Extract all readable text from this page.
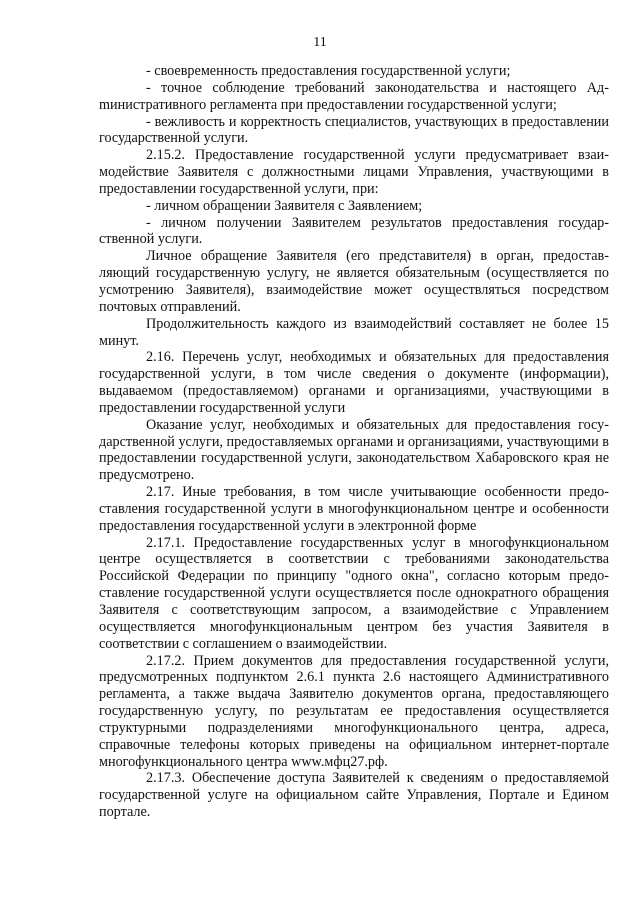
11

- своевременность предоставления государственной услуги;

- точное соблюдение требований законодательства и настоящего Адmинистративного регламента при предоставлении государственной услуги;

- вежливость и корректность специалистов, участвующих в предоставлении государственной услуги.

2.15.2. Предоставление государственной услуги предусматривает взаимодействие Заявителя с должностными лицами Управления, участвующими в предоставлении государственной услуги, при:

- личном обращении Заявителя с Заявлением;

- личном получении Заявителем результатов предоставления государственной услуги.

Личное обращение Заявителя (его представителя) в орган, предоставляющий государственную услугу, не является обязательным (осуществляется по усмотрению Заявителя), взаимодействие может осуществляться посредством почтовых отправлений.

Продолжительность каждого из взаимодействий составляет не более 15 минут.

2.16. Перечень услуг, необходимых и обязательных для предоставления государственной услуги, в том числе сведения о документе (информации), выдаваемом (предоставляемом) органами и организациями, участвующими в предоставлении государственной услуги

Оказание услуг, необходимых и обязательных для предоставления государственной услуги, предоставляемых органами и организациями, участвующими в предоставлении государственной услуги, законодательством Хабаровского края не предусмотрено.

2.17. Иные требования, в том числе учитывающие особенности предоставления государственной услуги в многофункциональном центре и особенности предоставления государственной услуги в электронной форме

2.17.1. Предоставление государственных услуг в многофункциональном центре осуществляется в соответствии с требованиями законодательства Российской Федерации по принципу "одного окна", согласно которым предоставление государственной услуги осуществляется после однократного обращения Заявителя с соответствующим запросом, а взаимодействие с Управлением осуществляется многофункциональным центром без участия Заявителя в соответствии с соглашением о взаимодействии.

2.17.2. Прием документов для предоставления государственной услуги, предусмотренных подпунктом 2.6.1 пункта 2.6 настоящего Административного регламента, а также выдача Заявителю документов органа, предоставляющего государственную услугу, по результатам ее предоставления осуществляется структурными подразделениями многофункционального центра, адреса, справочные телефоны которых приведены на официальном интернет-портале многофункционального центра www.мфц27.рф.

2.17.3. Обеспечение доступа Заявителей к сведениям о предоставляемой государственной услуге на официальном сайте Управления, Портале и Едином портале.
